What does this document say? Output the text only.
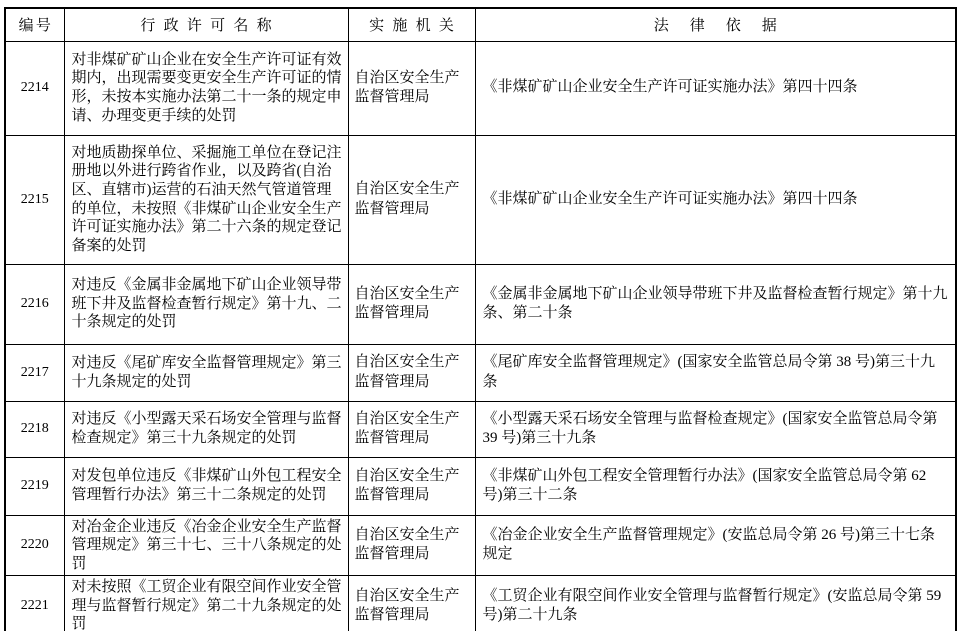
编号	行政许可名称	实施机关	法律依据
2214	对非煤矿矿山企业在安全生产许可证有效期内，出现需要变更安全生产许可证的情形，未按本实施办法第二十一条的规定申请、办理变更手续的处罚	自治区安全生产监督管理局	《非煤矿矿山企业安全生产许可证实施办法》第四十四条
2215	对地质勘探单位、采掘施工单位在登记注册地以外进行跨省作业，以及跨省(自治区、直辖市)运营的石油天然气管道管理的单位，未按照《非煤矿山企业安全生产许可证实施办法》第二十六条的规定登记备案的处罚	自治区安全生产监督管理局	《非煤矿矿山企业安全生产许可证实施办法》第四十四条
2216	对违反《金属非金属地下矿山企业领导带班下井及监督检查暂行规定》第十九、二十条规定的处罚	自治区安全生产监督管理局	《金属非金属地下矿山企业领导带班下井及监督检查暂行规定》第十九条、第二十条
2217	对违反《尾矿库安全监督管理规定》第三十九条规定的处罚	自治区安全生产监督管理局	《尾矿库安全监督管理规定》(国家安全监管总局令第 38 号)第三十九条
2218	对违反《小型露天采石场安全管理与监督检查规定》第三十九条规定的处罚	自治区安全生产监督管理局	《小型露天采石场安全管理与监督检查规定》(国家安全监管总局令第 39 号)第三十九条
2219	对发包单位违反《非煤矿山外包工程安全管理暂行办法》第三十二条规定的处罚	自治区安全生产监督管理局	《非煤矿山外包工程安全管理暂行办法》(国家安全监管总局令第 62 号)第三十二条
2220	对冶金企业违反《冶金企业安全生产监督管理规定》第三十七、三十八条规定的处罚	自治区安全生产监督管理局	《冶金企业安全生产监督管理规定》(安监总局令第 26 号)第三十七条规定
2221	对未按照《工贸企业有限空间作业安全管理与监督暂行规定》第二十九条规定的处罚	自治区安全生产监督管理局	《工贸企业有限空间作业安全管理与监督暂行规定》(安监总局令第 59 号)第二十九条
